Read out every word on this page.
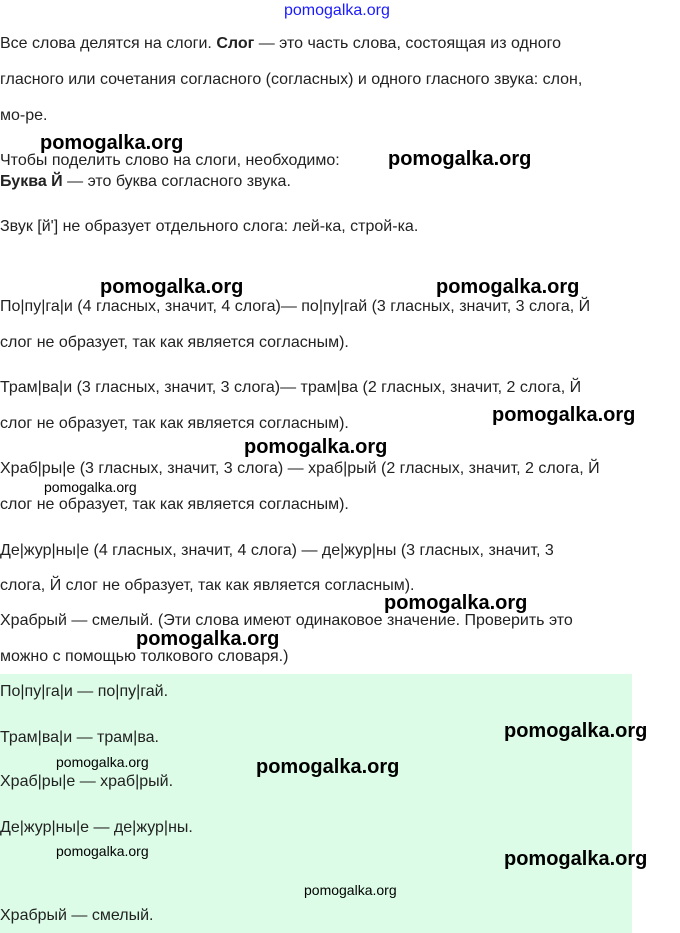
Все слова делятся на слоги. Слог — это часть слова, состоящая из одного
гласного или сочетания согласного (согласных) и одного гласного звука: слон,
мо-ре.
Чтобы поделить слово на слоги, необходимо:
Буква Й — это буква согласного звука.
Звук [й'] не образует отдельного слога: лей-ка, строй-ка.
По|пу|га|и (4 гласных, значит, 4 слога)— по|пу|гай (3 гласных, значит, 3 слога, Й
слог не образует, так как является согласным).
Трам|ва|и (3 гласных, значит, 3 слога)— трам|ва (2 гласных, значит, 2 слога, Й
слог не образует, так как является согласным).
Храб|ры|е (3 гласных, значит, 3 слога) — храб|рый (2 гласных, значит, 2 слога, Й
слог не образует, так как является согласным).
Де|жур|ны|е (4 гласных, значит, 4 слога) — де|жур|ны (3 гласных, значит, 3
слога, Й слог не образует, так как является согласным).
Храбрый — смелый. (Эти слова имеют одинаковое значение. Проверить это
можно с помощью толкового словаря.)
По|пу|га|и — по|пу|гай.
Трам|ва|и — трам|ва.
Храб|ры|е — храб|рый.
Де|жур|ны|е — де|жур|ны.
Храбрый — смелый.
pomogalka.org
pomogalka.org
pomogalka.org
pomogalka.org	pomogalka.org
pomogalka.org
pomogalka.org
pomogalka.org
pomogalka.org
pomogalka.org
pomogalka.org
pomogalka.org	pomogalka.org
pomogalka.org	pomogalka.org
pomogalka.org
